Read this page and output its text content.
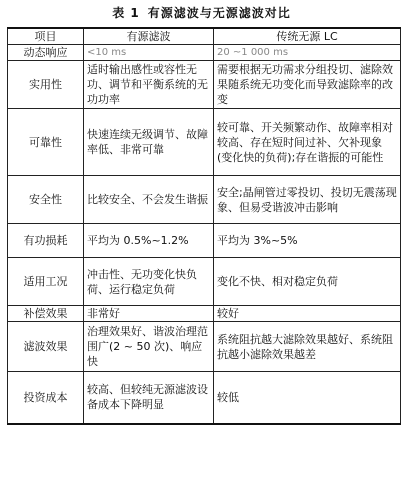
表 1 有源滤波与无源滤波对比
项目	有源滤波	传统无源 LC
动态响应	<10 ms	20 ~1 000 ms
实用性	适时输出感性或容性无功、调节和平衡系统的无功功率	需要根据无功需求分组投切、滤除效果随系统无功变化而导致滤除率的改变
可靠性	快速连续无级调节、故障率低、非常可靠	较可靠、开关频繁动作、故障率相对较高、存在短时间过补、欠补现象(变化快的负荷);存在谐振的可能性
安全性	比较安全、不会发生谐振	安全;晶闸管过零投切、投切无震荡现象、但易受谐波冲击影响
有功损耗	平均为 0.5%~1.2%	平均为 3%~5%
适用工况	冲击性、无功变化快负荷、运行稳定负荷	变化不快、相对稳定负荷
补偿效果	非常好	较好
滤波效果	治理效果好、谐波治理范围广(2 ~ 50 次)、响应快	系统阻抗越大滤除效果越好、系统阻抗越小滤除效果越差
投资成本	较高、但较纯无源滤波设备成本下降明显	较低
